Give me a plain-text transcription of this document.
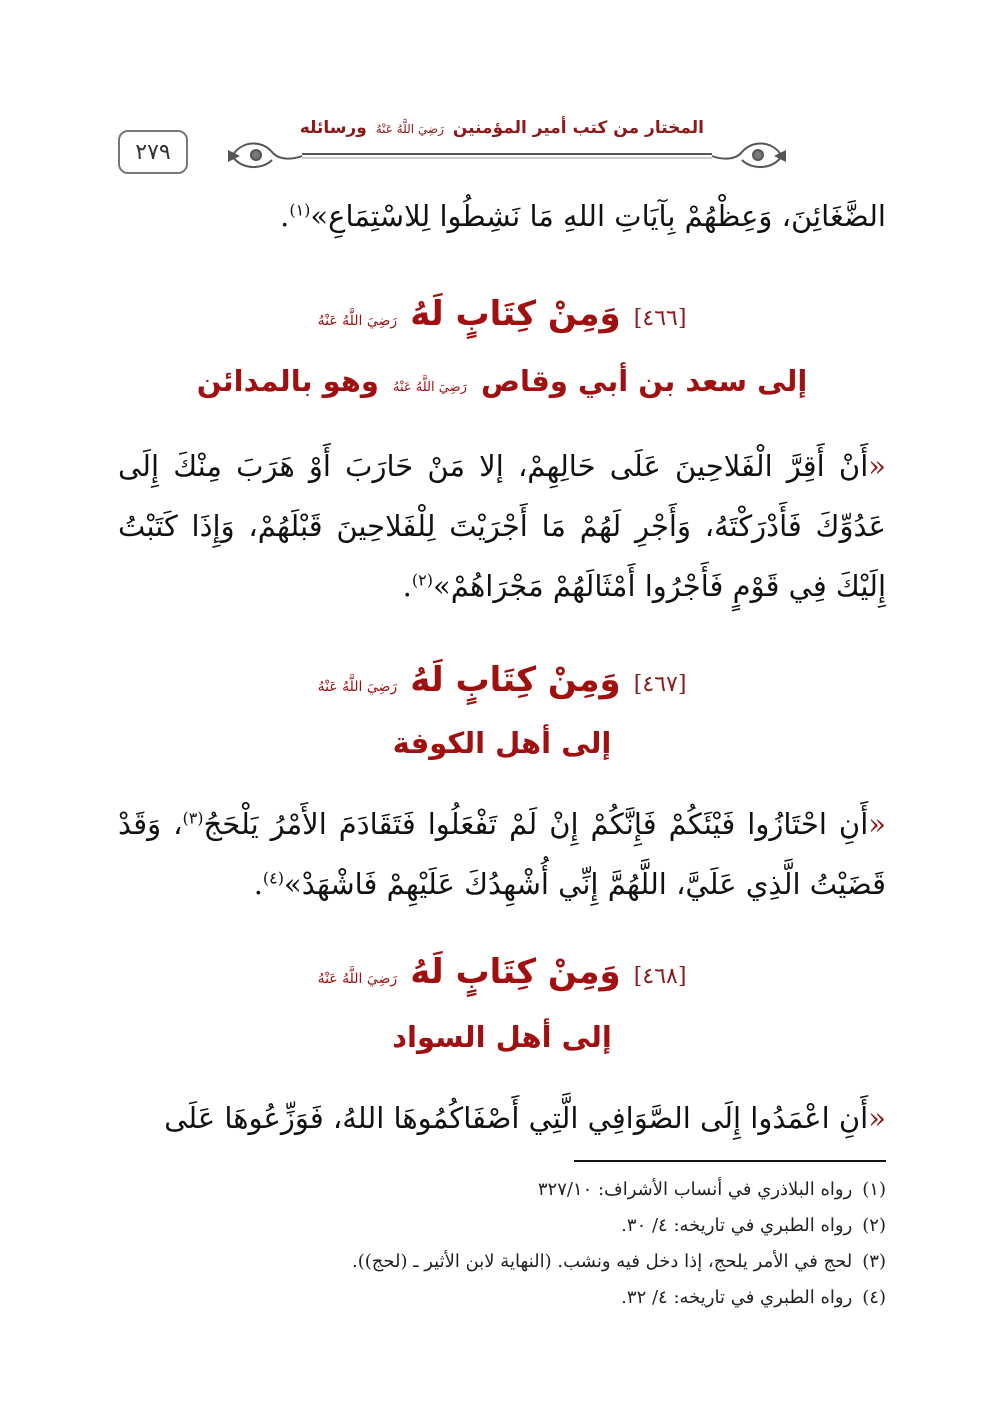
٢٧٩
المختار من كتب أمير المؤمنين رَضِيَ اللَّهُ عَنْهُ ورسائله
الضَّغَائِنَ، وَعِظْهُمْ بِآيَاتِ اللهِ مَا نَشِطُوا لِلاسْتِمَاعِ»$^{(١)}$.
[٤٦٦] وَمِنْ كِتَابٍ لَهُ رَضِيَ اللَّهُ عَنْهُ
إلى سعد بن أبي وقاص رَضِيَ اللَّهُ عَنْهُ وهو بالمدائن
«أَنْ أَقِرَّ الْفَلاحِينَ عَلَى حَالِهِمْ، إلا مَنْ حَارَبَ أَوْ هَرَبَ مِنْكَ إِلَى عَدُوِّكَ فَأَدْرَكْتَهُ، وَأَجْرِ لَهُمْ مَا أَجْرَيْتَ لِلْفَلاحِينَ قَبْلَهُمْ، وَإِذَا كَتَبْتُ إِلَيْكَ فِي قَوْمٍ فَأَجْرُوا أَمْثَالَهُمْ مَجْرَاهُمْ»$^{(٢)}$.
[٤٦٧] وَمِنْ كِتَابٍ لَهُ رَضِيَ اللَّهُ عَنْهُ
إلى أهل الكوفة
«أَنِ احْتَازُوا فَيْئَكُمْ فَإِنَّكُمْ إِنْ لَمْ تَفْعَلُوا فَتَقَادَمَ الأَمْرُ يَلْحَجُ$^{(٣)}$، وَقَدْ قَضَيْتُ الَّذِي عَلَيَّ، اللَّهُمَّ إِنِّي أُشْهِدُكَ عَلَيْهِمْ فَاشْهَدْ»$^{(٤)}$.
[٤٦٨] وَمِنْ كِتَابٍ لَهُ رَضِيَ اللَّهُ عَنْهُ
إلى أهل السواد
«أَنِ اعْمَدُوا إِلَى الصَّوَافِي الَّتِي أَصْفَاكُمُوهَا اللهُ، فَوَزِّعُوهَا عَلَى
(١)رواه البلاذري في أنساب الأشراف: ٣٢٧/١٠
(٢)رواه الطبري في تاريخه: ٤/ ٣٠.
(٣)لحج في الأمر يلحج، إذا دخل فيه ونشب. (النهاية لابن الأثير ـ (لحج)).
(٤)رواه الطبري في تاريخه: ٤/ ٣٢.
